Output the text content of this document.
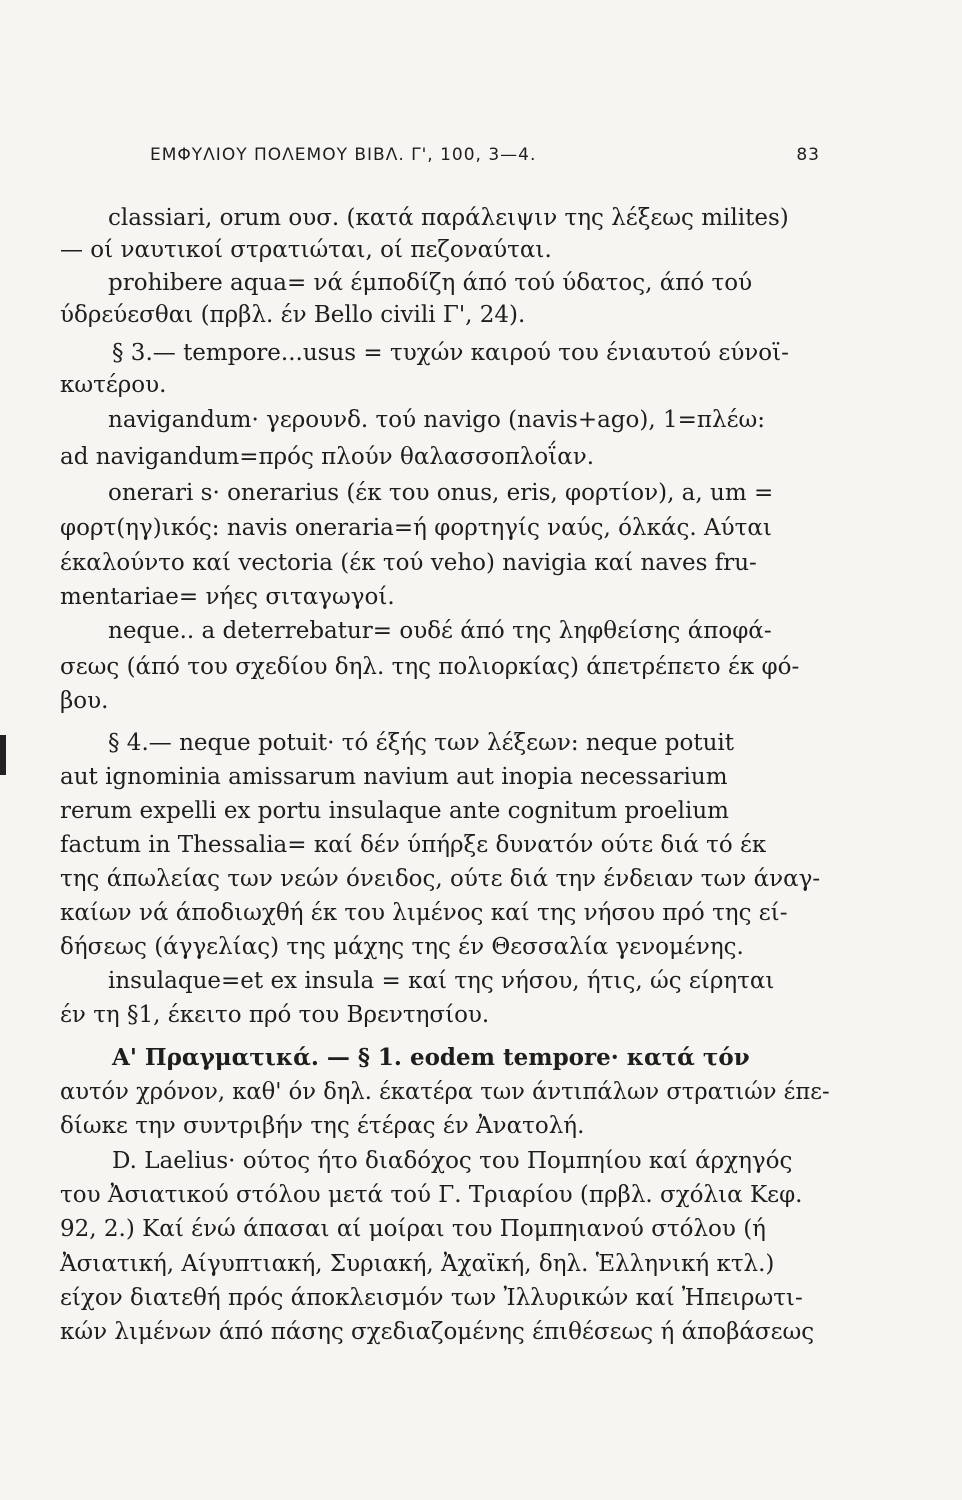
ΕΜΦΥΛΙΟΥ ΠΟΛΕΜΟΥ ΒΙΒΛ. Γ', 100, 3—4.	83
classiari, orum ουσ. (κατά παράλειψιν της λέξεως milites)
— οί ναυτικοί στρατιώται, οί πεζοναύται.
prohibere aqua= νά έμποδίζη άπό τού ύδατος, άπό τού
ύδρεύεσθαι (πρβλ. έν Bello civili Γ', 24).
§ 3.— tempore...usus = τυχών καιρού του ένιαυτού εύνοϊ-
κωτέρου.
navigandum· γερουνδ. τού navigo (navis+ago), 1=πλέω:
ad navigandum=πρός πλούν θαλασσοπλοΐαν.
onerari s· onerarius (έκ του onus, eris, φορτίον), a, um =
φορτ(ηγ)ικός: navis oneraria=ή φορτηγίς ναύς, όλκάς. Αύται
έκαλούντο καί vectoria (έκ τού veho) navigia καί naves fru-
mentariae= νήες σιταγωγοί.
neque.. a deterrebatur= ουδέ άπό της ληφθείσης άποφά-
σεως (άπό του σχεδίου δηλ. της πολιορκίας) άπετρέπετο έκ φό-
βου.
§ 4.— neque potuit· τό έξής των λέξεων: neque potuit
aut ignominia amissarum navium aut inopia necessarium
rerum expelli ex portu insulaque ante cognitum proelium
factum in Thessalia= καί δέν ύπήρξε δυνατόν ούτε διά τό έκ
της άπωλείας των νεών όνειδος, ούτε διά την ένδειαν των άναγ-
καίων νά άποδιωχθή έκ του λιμένος καί της νήσου πρό της εί-
δήσεως (άγγελίας) της μάχης της έν Θεσσαλία γενομένης.
insulaque=et ex insula = καί της νήσου, ήτις, ώς είρηται
έν τη §1, έκειτο πρό του Βρεντησίου.
Α' Πραγματικά. — § 1. eodem tempore· κατά τόν
αυτόν χρόνον, καθ' όν δηλ. έκατέρα των άντιπάλων στρατιών έπε-
δίωκε την συντριβήν της έτέρας έν Ἀνατολή.
D. Laelius· ούτος ήτο διαδόχος του Πομπηίου καί άρχηγός
του Ἀσιατικού στόλου μετά τού Γ. Τριαρίου (πρβλ. σχόλια Κεφ.
92, 2.) Καί ένώ άπασαι αί μοίραι του Πομπηιανού στόλου (ή
Ἀσιατική, Αίγυπτιακή, Συριακή, Ἀχαϊκή, δηλ. Ἑλληνική κτλ.)
είχον διατεθή πρός άποκλεισμόν των Ἰλλυρικών καί Ἠπειρωτι-
κών λιμένων άπό πάσης σχεδιαζομένης έπιθέσεως ή άποβάσεως
